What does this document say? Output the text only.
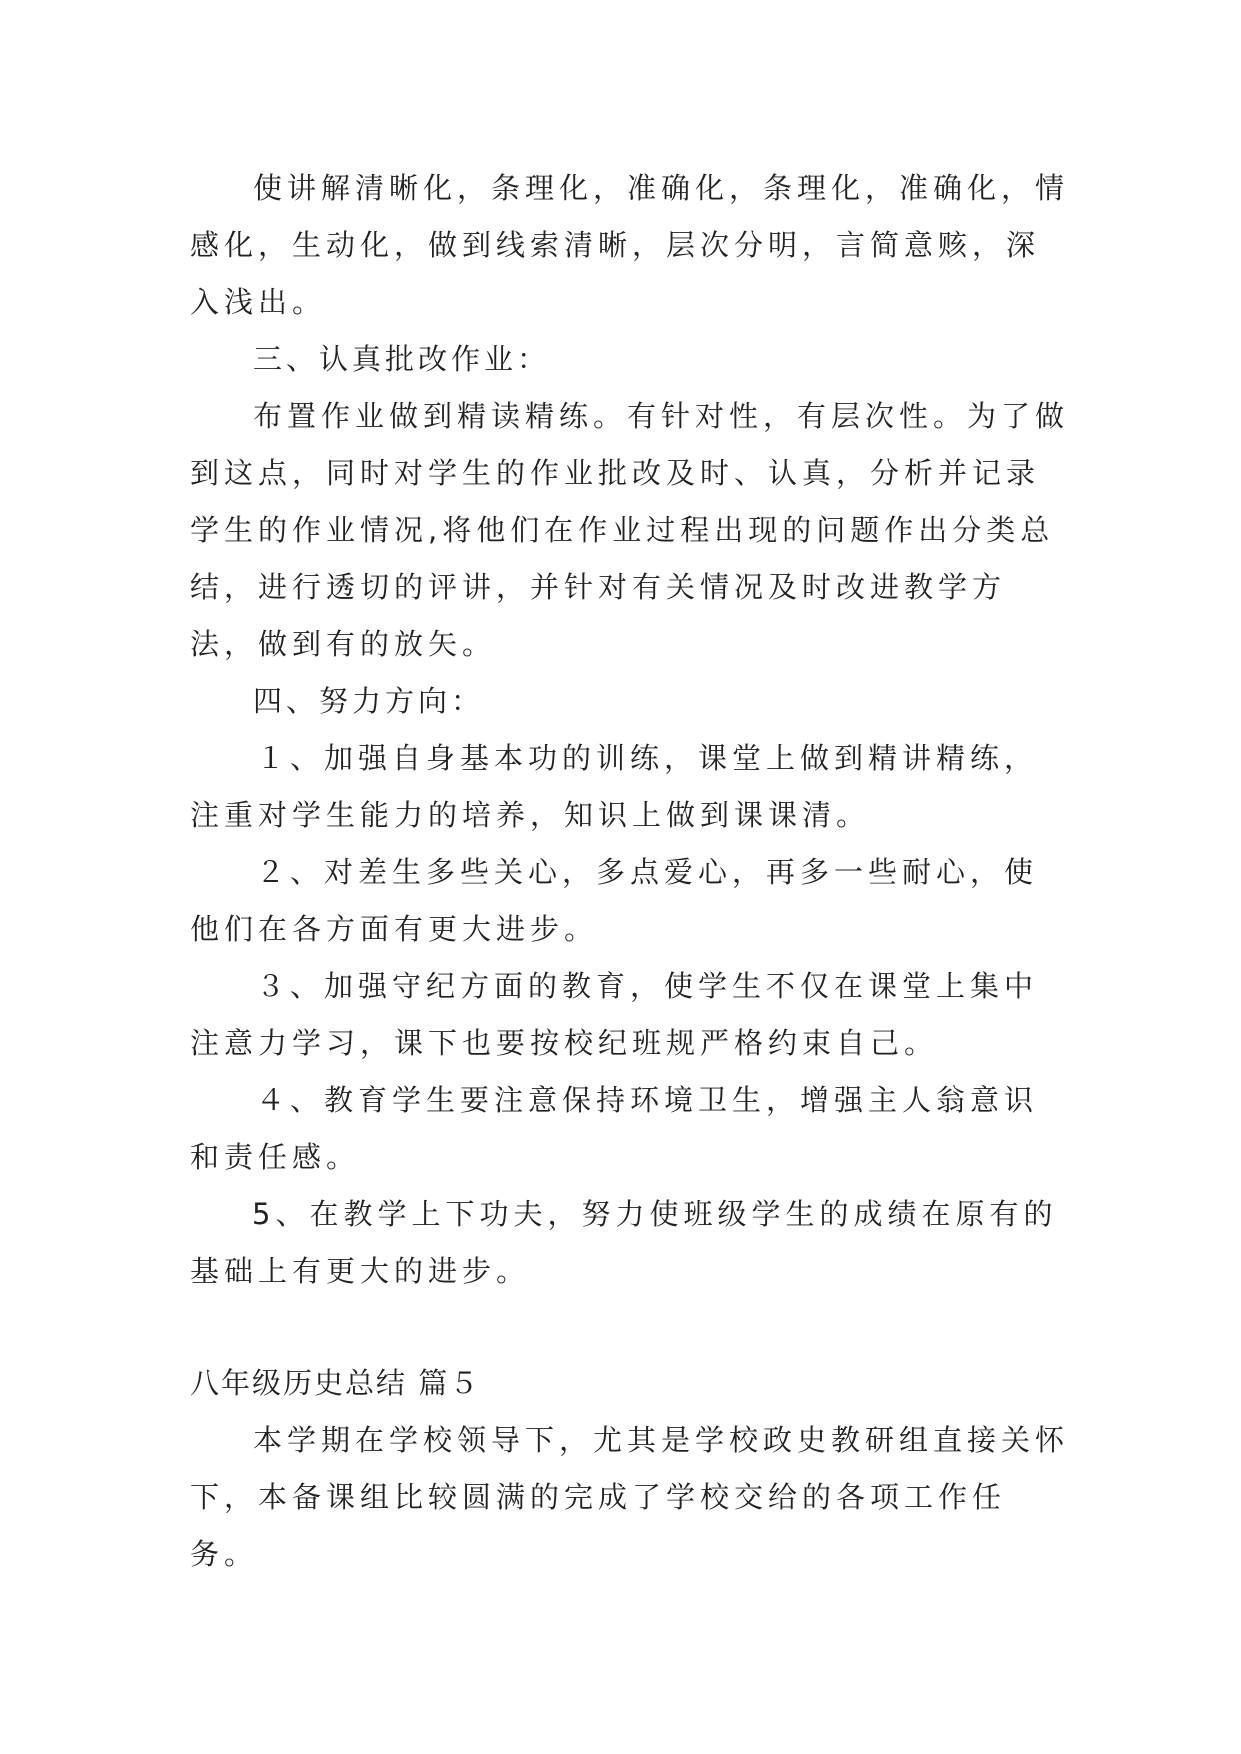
使讲解清晰化，条理化，准确化，条理化，准确化，情感化，生动化，做到线索清晰，层次分明，言简意赅，深入浅出。

三、认真批改作业：

布置作业做到精读精练。有针对性，有层次性。为了做到这点，同时对学生的作业批改及时、认真，分析并记录学生的作业情况,将他们在作业过程出现的问题作出分类总结，进行透切的评讲，并针对有关情况及时改进教学方法，做到有的放矢。

四、努力方向：

１、加强自身基本功的训练，课堂上做到精讲精练，注重对学生能力的培养，知识上做到课课清。

２、对差生多些关心，多点爱心，再多一些耐心，使他们在各方面有更大进步。

３、加强守纪方面的教育，使学生不仅在课堂上集中注意力学习，课下也要按校纪班规严格约束自己。

４、教育学生要注意保持环境卫生，增强主人翁意识和责任感。

5、在教学上下功夫，努力使班级学生的成绩在原有的基础上有更大的进步。

八年级历史总结 篇５

本学期在学校领导下，尤其是学校政史教研组直接关怀下，本备课组比较圆满的完成了学校交给的各项工作任务。
